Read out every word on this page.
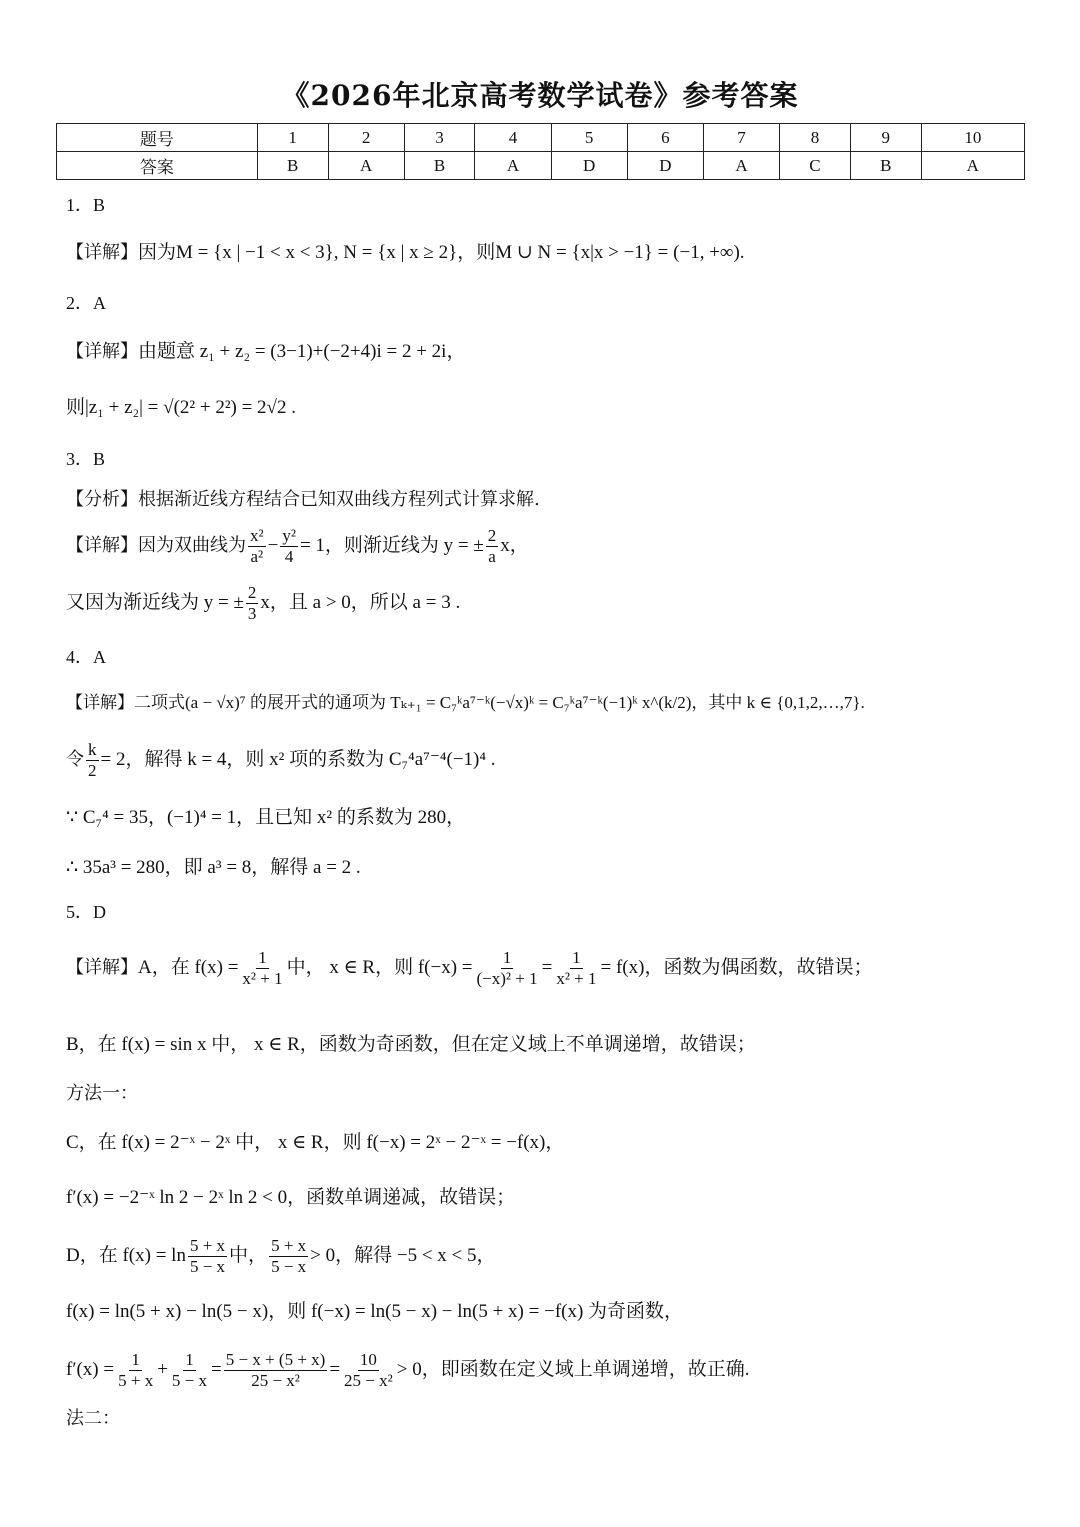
《2026年北京高考数学试卷》参考答案
题号	1	2	3	4	5	6	7	8	9	10
答案	B	A	B	A	D	D	A	C	B	A
1．B
【详解】因为M = {x | −1 < x < 3}, N = {x | x ≥ 2}，则M ∪ N = {x|x > −1} = (−1, +∞).
2．A
【详解】由题意 z₁ + z₂ = (3−1)+(−2+4)i = 2 + 2i，
则|z₁ + z₂| = √(2² + 2²) = 2√2 .
3．B
【分析】根据渐近线方程结合已知双曲线方程列式计算求解.
【详解】因为双曲线为 $\frac{\text{x²}}{\text{a²}} - \frac{\text{y²}}{4} = 1$，则渐近线为 y = ± $\frac{2}{a}$ x，
又因为渐近线为 y = ± $\frac{2}{3}$ x，且 a > 0，所以 a = 3 .
4．A
【详解】二项式(a − √x)⁷ 的展开式的通项为 Tₖ₊₁ = C₇ᵏa⁷⁻ᵏ(−√x)ᵏ = C₇ᵏa⁷⁻ᵏ(−1)ᵏ x^(k/2)，其中 k ∈ {0,1,2,…,7}.
令 $\frac{k}{2} = 2$，解得 k = 4，则 x² 项的系数为 C₇⁴a⁷⁻⁴(−1)⁴ .
∵ C₇⁴ = 35，(−1)⁴ = 1，且已知 x² 的系数为 280，
∴ 35a³ = 280，即 a³ = 8，解得 a = 2 .
5．D
【详解】A，在 $f(x) = \frac{1}{\text{x² + 1}}$ 中， x ∈ R，则 $f(-x) = \frac{1}{\text{(−x)² + 1}} = \frac{1}{\text{x² + 1}} = f(x)$，函数为偶函数，故错误；
B，在 f(x) = sin x 中， x ∈ R，函数为奇函数，但在定义域上不单调递增，故错误；
方法一：
C，在 f(x) = 2⁻ˣ − 2ˣ 中， x ∈ R，则 f(−x) = 2ˣ − 2⁻ˣ = −f(x)，
f′(x) = −2⁻ˣ ln 2 − 2ˣ ln 2 < 0，函数单调递减，故错误；
D，在 $f(x) = \ln \frac{5 + x}{5 - x}$ 中， $\frac{5 + x}{5 - x} > 0$，解得 −5 < x < 5，
f(x) = ln(5 + x) − ln(5 − x)，则 f(−x) = ln(5 − x) − ln(5 + x) = −f(x) 为奇函数，
$f'(x) = \frac{1}{5 + x} + \frac{1}{5 - x} = \frac{5 - x + (5 + x)}{\text{25 − x²}} = \frac{10}{\text{25 − x²}} > 0$，即函数在定义域上单调递增，故正确.
法二：
